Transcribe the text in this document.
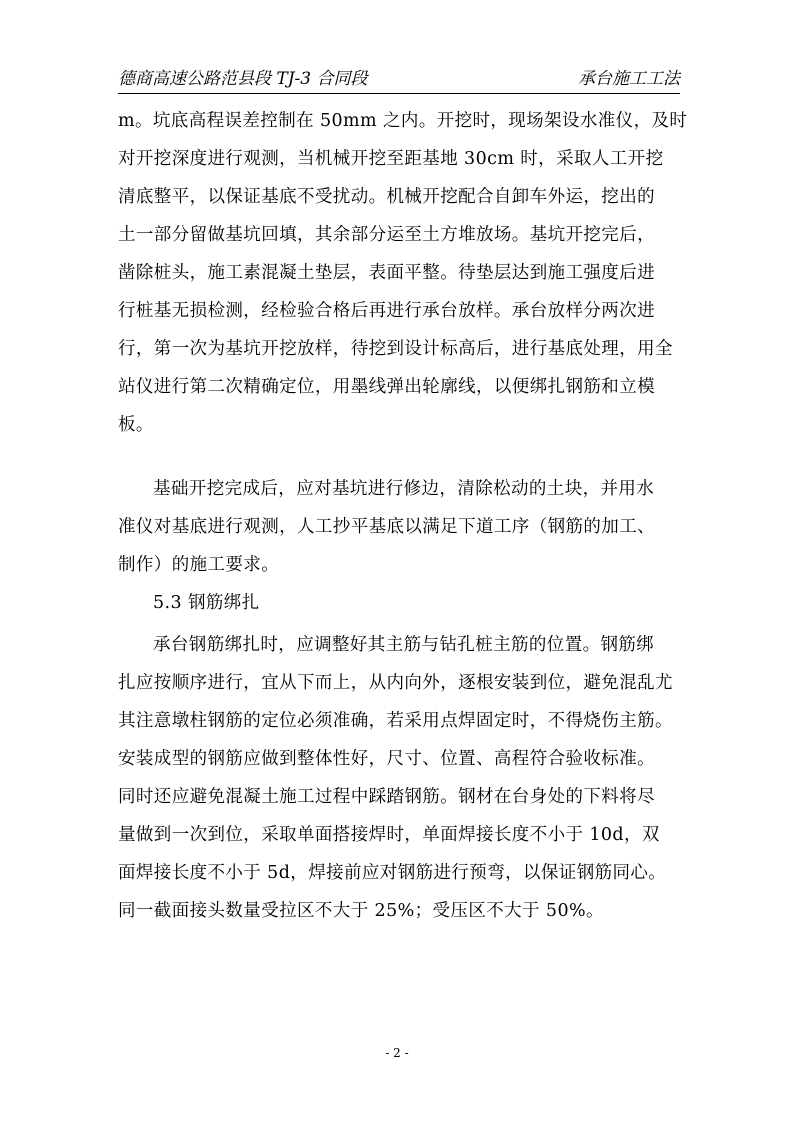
德商高速公路范县段 TJ-3 合同段	承台施工工法
m。坑底高程误差控制在 50mm 之内。开挖时，现场架设水准仪，及时
对开挖深度进行观测，当机械开挖至距基地 30cm 时，采取人工开挖
清底整平，以保证基底不受扰动。机械开挖配合自卸车外运，挖出的
土一部分留做基坑回填，其余部分运至土方堆放场。基坑开挖完后，
凿除桩头，施工素混凝土垫层，表面平整。待垫层达到施工强度后进
行桩基无损检测，经检验合格后再进行承台放样。承台放样分两次进
行，第一次为基坑开挖放样，待挖到设计标高后，进行基底处理，用全
站仪进行第二次精确定位，用墨线弹出轮廓线，以便绑扎钢筋和立模
板。
基础开挖完成后，应对基坑进行修边，清除松动的土块，并用水
准仪对基底进行观测，人工抄平基底以满足下道工序（钢筋的加工、
制作）的施工要求。
5.3 钢筋绑扎
承台钢筋绑扎时，应调整好其主筋与钻孔桩主筋的位置。钢筋绑
扎应按顺序进行，宜从下而上，从内向外，逐根安装到位，避免混乱尤
其注意墩柱钢筋的定位必须准确，若采用点焊固定时，不得烧伤主筋。
安装成型的钢筋应做到整体性好，尺寸、位置、高程符合验收标准。
同时还应避免混凝土施工过程中踩踏钢筋。钢材在台身处的下料将尽
量做到一次到位，采取单面搭接焊时，单面焊接长度不小于 10d，双
面焊接长度不小于 5d，焊接前应对钢筋进行预弯，以保证钢筋同心。
同一截面接头数量受拉区不大于 25%；受压区不大于 50%。
- 2 -
